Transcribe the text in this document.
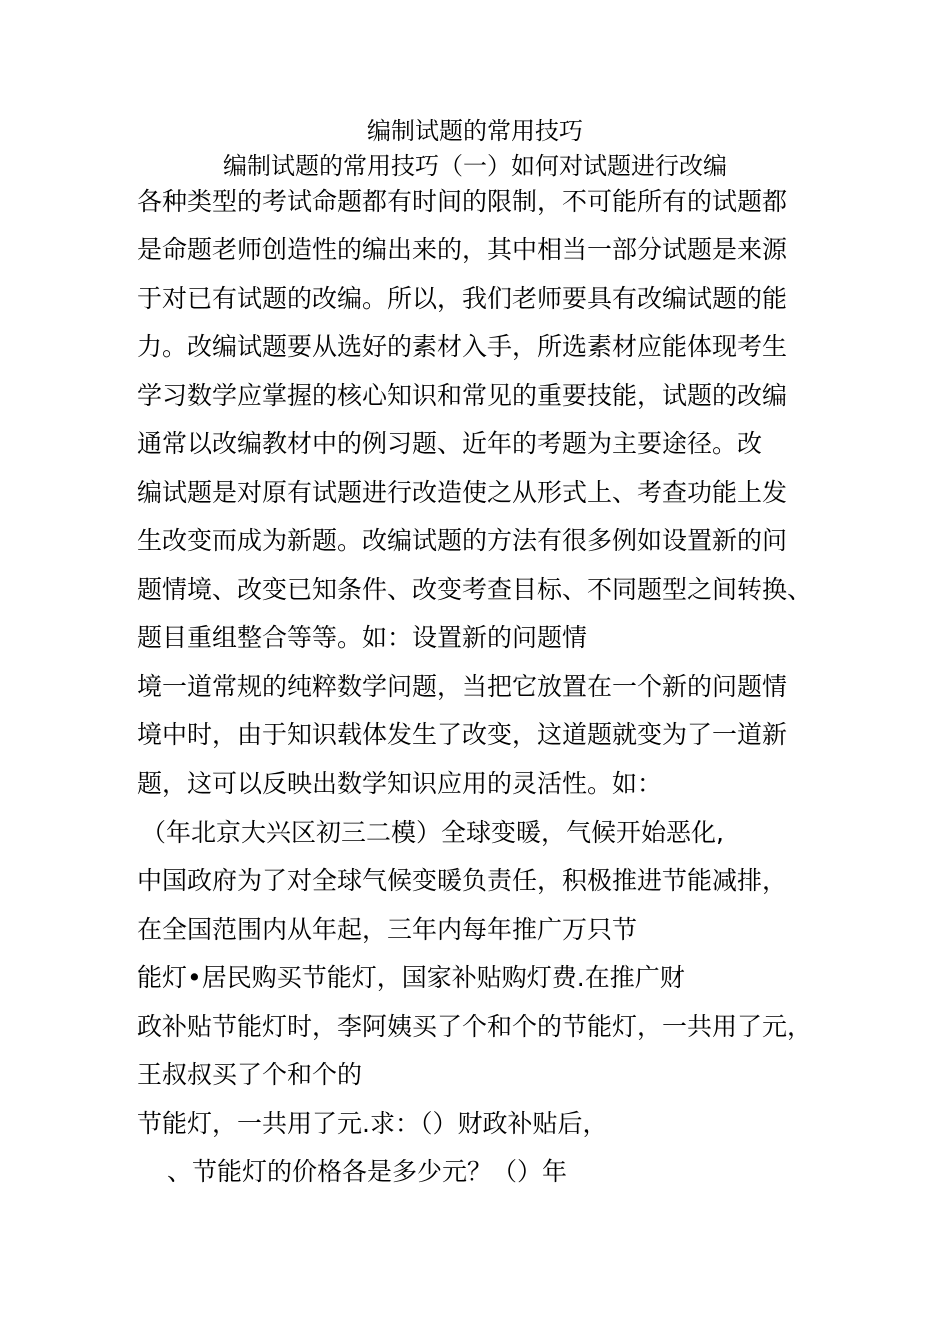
编制试题的常用技巧
编制试题的常用技巧（一）如何对试题进行改编
各种类型的考试命题都有时间的限制，不可能所有的试题都
是命题老师创造性的编出来的，其中相当一部分试题是来源
于对已有试题的改编。所以，我们老师要具有改编试题的能
力。改编试题要从选好的素材入手，所选素材应能体现考生
学习数学应掌握的核心知识和常见的重要技能，试题的改编
通常以改编教材中的例习题、近年的考题为主要途径。改
编试题是对原有试题进行改造使之从形式上、考查功能上发
生改变而成为新题。改编试题的方法有很多例如设置新的问
题情境、改变已知条件、改变考查目标、不同题型之间转换、
题目重组整合等等。如：设置新的问题情
境一道常规的纯粹数学问题，当把它放置在一个新的问题情
境中时，由于知识载体发生了改变，这道题就变为了一道新
题，这可以反映出数学知识应用的灵活性。如：
（年北京大兴区初三二模）全球变暖，气候开始恶化,
中国政府为了对全球气候变暖负责任，积极推进节能减排，
在全国范围内从年起，三年内每年推广万只节
能灯•居民购买节能灯，国家补贴购灯费.在推广财
政补贴节能灯时，李阿姨买了个和个的节能灯，一共用了元，
王叔叔买了个和个的
节能灯，一共用了元.求：（）财政补贴后，
、节能灯的价格各是多少元？（）年
